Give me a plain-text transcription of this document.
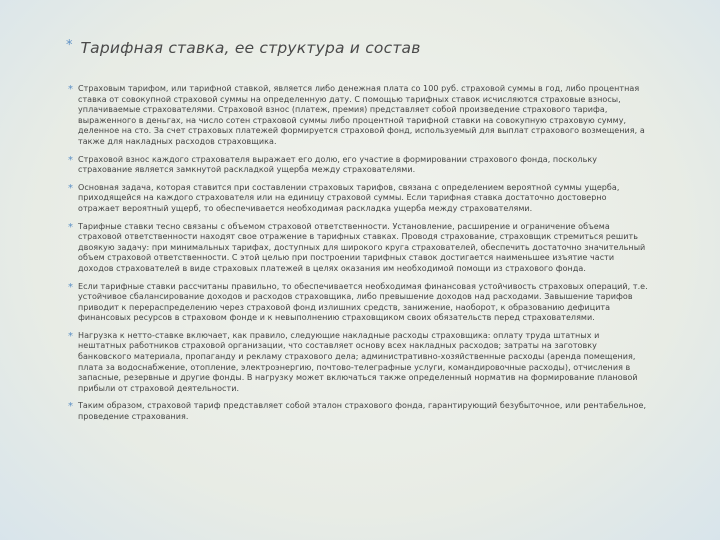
* Тарифная ставка, ее структура и состав
* Страховым тарифом, или тарифной ставкой, является либо денежная плата со 100 руб. страховой суммы в год, либо процентная ставка от совокупной страховой суммы на определенную дату. С помощью тарифных ставок исчисляются страховые взносы, уплачиваемые страхователями. Страховой взнос (платеж, премия) представляет собой произведение страхового тарифа, выраженного в деньгах, на число сотен страховой суммы либо процентной тарифной ставки на совокупную страховую сумму, деленное на сто. За счет страховых платежей формируется страховой фонд, используемый для выплат страхового возмещения, а также для накладных расходов страховщика.
* Страховой взнос каждого страхователя выражает его долю, его участие в формировании страхового фонда, поскольку страхование является замкнутой раскладкой ущерба между страхователями.
* Основная задача, которая ставится при составлении страховых тарифов, связана с определением вероятной суммы ущерба, приходящейся на каждого страхователя или на единицу страховой суммы. Если тарифная ставка достаточно достоверно отражает вероятный ущерб, то обеспечивается необходимая раскладка ущерба между страхователями.
* Тарифные ставки тесно связаны с объемом страховой ответственности. Установление, расширение и ограничение объема страховой ответственности находят свое отражение в тарифных ставках. Проводя страхование, страховщик стремиться решить двоякую задачу: при минимальных тарифах, доступных для широкого круга страхователей, обеспечить достаточно значительный объем страховой ответственности. С этой целью при построении тарифных ставок достигается наименьшее изъятие части доходов страхователей в виде страховых платежей в целях оказания им необходимой помощи из страхового фонда.
* Если тарифные ставки рассчитаны правильно, то обеспечивается необходимая финансовая устойчивость страховых операций, т.е. устойчивое сбалансирование доходов и расходов страховщика, либо превышение доходов над расходами. Завышение тарифов приводит к перераспределению через страховой фонд излишних средств, занижение, наоборот, к образованию дефицита финансовых ресурсов в страховом фонде и к невыполнению страховщиком своих обязательств перед страхователями.
* Нагрузка к нетто-ставке включает, как правило, следующие накладные расходы страховщика: оплату труда штатных и нештатных работников страховой организации, что составляет основу всех накладных расходов; затраты на заготовку банковского материала, пропаганду и рекламу страхового дела; административно-хозяйственные расходы (аренда помещения, плата за водоснабжение, отопление, электроэнергию, почтово-телеграфные услуги, командировочные расходы), отчисления в запасные, резервные и другие фонды. В нагрузку может включаться также определенный норматив на формирование плановой прибыли от страховой деятельности.
* Таким образом, страховой тариф представляет собой эталон страхового фонда, гарантирующий безубыточное, или рентабельное, проведение страхования.
